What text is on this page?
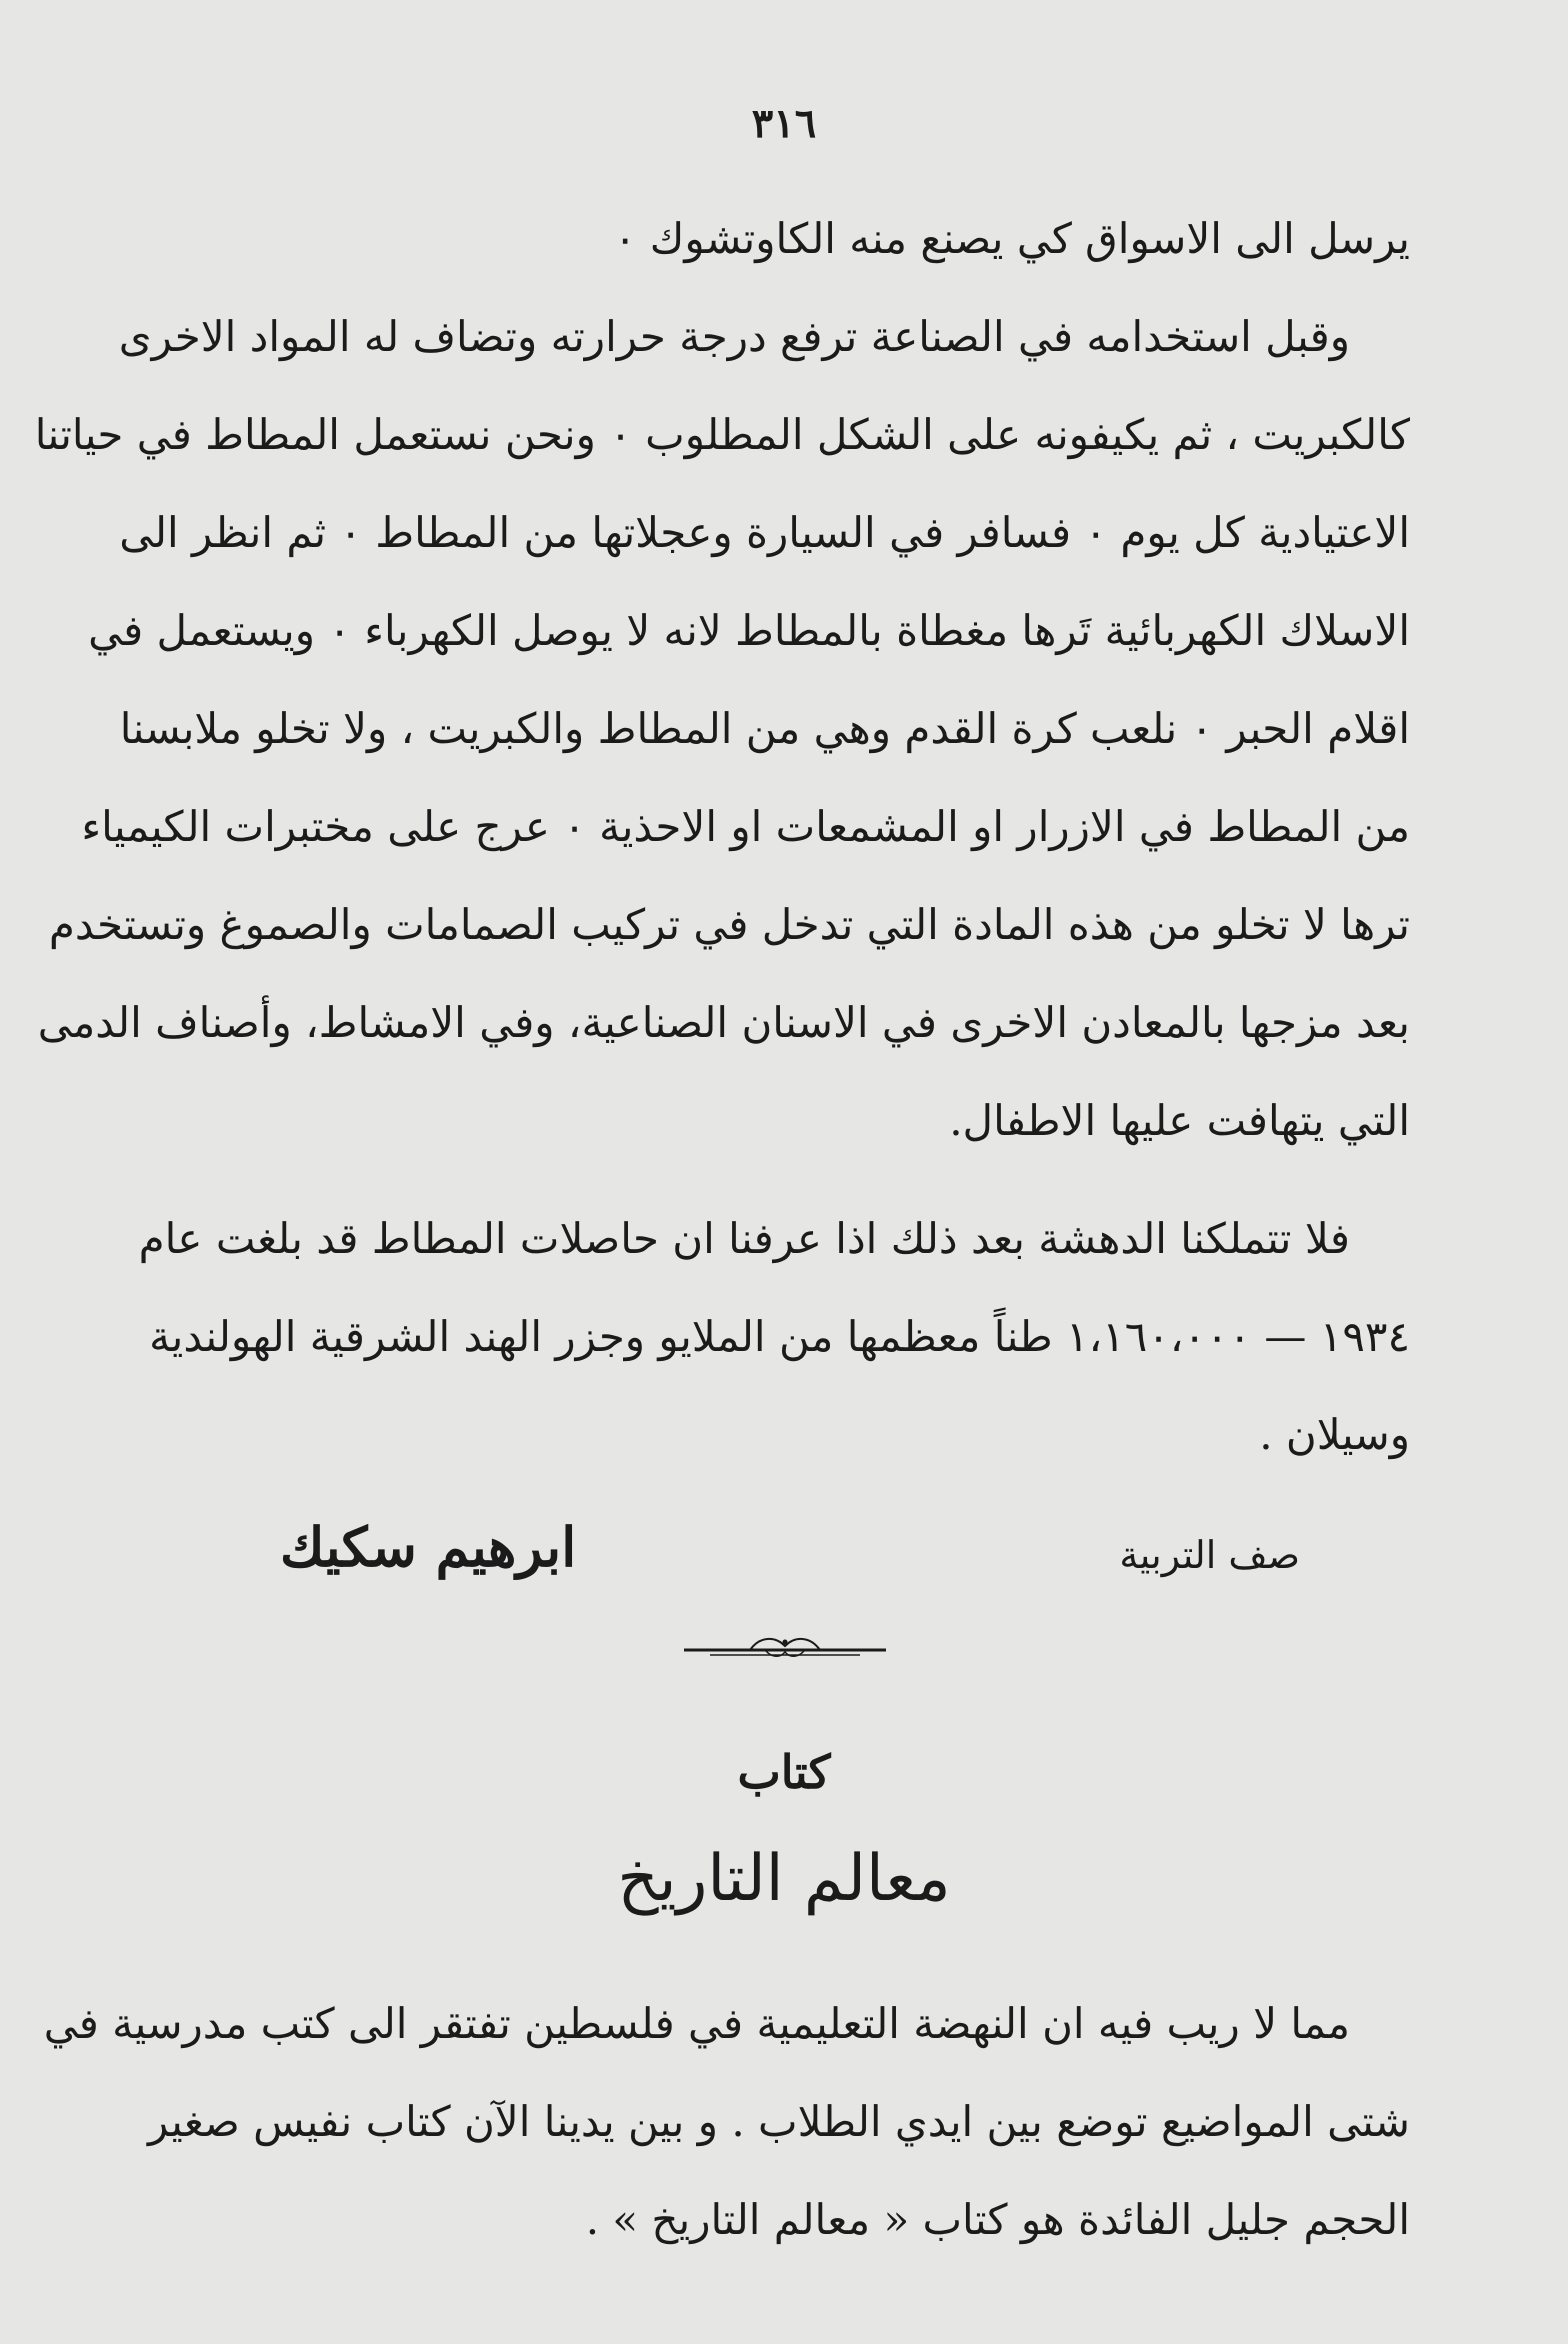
٣١٦
يرسل الى الاسواق كي يصنع منه الكاوتشوك ٠
وقبل استخدامه في الصناعة ترفع درجة حرارته وتضاف له المواد الاخرى
كالكبريت ، ثم يكيفونه على الشكل المطلوب ٠ ونحن نستعمل المطاط في حياتنا
الاعتيادية كل يوم ٠ فسافر في السيارة وعجلاتها من المطاط ٠ ثم انظر الى
الاسلاك الكهربائية تَرها مغطاة بالمطاط لانه لا يوصل الكهرباء ٠ ويستعمل في
اقلام الحبر ٠ نلعب كرة القدم وهي من المطاط والكبريت ، ولا تخلو ملابسنا
من المطاط في الازرار او المشمعات او الاحذية ٠ عرج على مختبرات الكيمياء
ترها لا تخلو من هذه المادة التي تدخل في تركيب الصمامات والصموغ وتستخدم
بعد مزجها بالمعادن الاخرى في الاسنان الصناعية، وفي الامشاط، وأصناف الدمى
التي يتهافت عليها الاطفال.
فلا تتملكنا الدهشة بعد ذلك اذا عرفنا ان حاصلات المطاط قد بلغت عام
١٩٣٤ — ١،١٦٠،٠٠٠ طناً معظمها من الملايو وجزر الهند الشرقية الهولندية
وسيلان .
صف التربية
ابرهيم سكيك
كتاب
معالم التاريخ
مما لا ريب فيه ان النهضة التعليمية في فلسطين تفتقر الى كتب مدرسية في
شتى المواضيع توضع بين ايدي الطلاب . و بين يدينا الآن كتاب نفيس صغير
الحجم جليل الفائدة هو كتاب « معالم التاريخ » .
